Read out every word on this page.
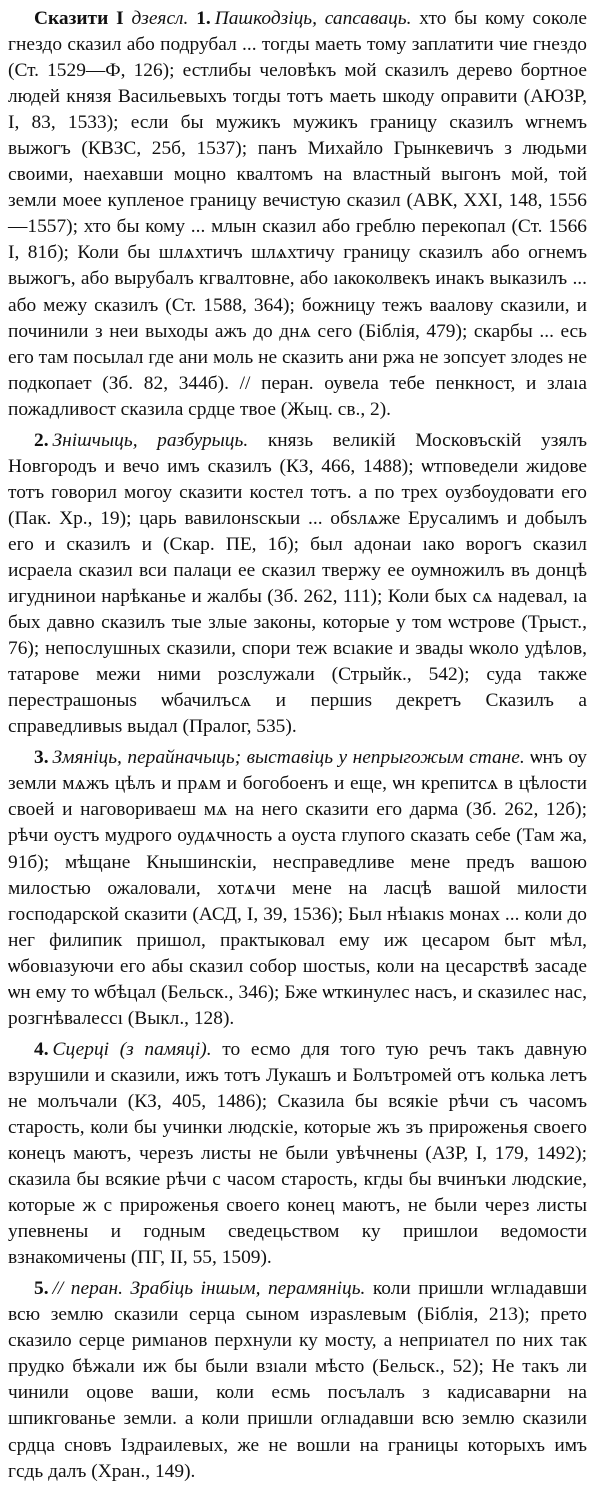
Сказити I дзеясл. 1. Пашкодзіць, сапсаваць. хто бы кому соколе гнездо сказил або подрубал ... тогды маеть тому заплатити чие гнездо (Ст. 1529—Ф, 126); естлибы человѣкъ мой сказилъ дерево бортное людей князя Васильевыхъ тогды тотъ маеть шкоду оправити (АЮЗР, I, 83, 1533); если бы мужикъ мужикъ границу сказилъ ѡгнемъ выжогъ (КВЗС, 25б, 1537); панъ Михайло Грынкевичъ з людьми своими, наехавши моцно квалтомъ на властный выгонъ мой, той земли моее купленое границу вечистую сказил (АВК, XXI, 148, 1556—1557); хто бы кому ... млын сказил або греблю перекопал (Ст. 1566 I, 81б); Коли бы шлѧхтичъ шлѧхтичу границу сказилъ або огнемъ выжогъ, або вырубалъ кгвалтовне, або ıакоколвекъ инакъ выказилъ ... або межу сказилъ (Ст. 1588, 364); божницу тежъ ваалову сказили, и починили з неи выходы ажъ до днѧ сего (Біблія, 479); скарбы ... есь его там посылал где ани моль не сказить ани ржа не зопсует злодеѕ не подкопает (Зб. 82, 344б). // перан. оувела тебе пенкност, и злаıа пожадливост сказила срдце твое (Жыц. св., 2).

2. Знішчыць, разбурыць. князь великій Московъскій узялъ Новгородъ и вечо имъ сказилъ (КЗ, 466, 1488); ѡтповедели жидове тотъ говорил могоу сказити костел тотъ. а по трех оузбоудовати его (Пак. Хр., 19); царь вавилонѕскыи ... обѕлѧже Ерусалимъ и добылъ его и сказилъ и (Скар. ПЕ, 1б); был адонаи ıако ворогъ сказил исраела сказил вси палаци ее сказил твержу ее оумножилъ въ донцѣ игуднинои нарѣканье и жалбы (Зб. 262, 111); Коли бых сѧ надевал, ıа бых давно сказилъ тые злые законы, которые у том ѡстрове (Трыст., 76); непослушных сказили, спори теж всıакие и звады ѡколо удѣлов, татарове межи ними розслужали (Стрыйк., 542); суда также перестрашоныѕ ѡбачилъсѧ и першиѕ декретъ Сказилъ а справедливыѕ выдал (Пралог, 535).

3. Змяніць, перайначыць; выставіць у непрыгожым стане. ѡнъ оу земли мѧжъ цѣлъ и прѧм и богобоенъ и еще, ѡн крепитсѧ в цѣлости своей и наговориваеш мѧ на него сказити его дарма (Зб. 262, 12б); рѣчи оустъ мудрого оудѧчность а оуста глупого сказать себе (Там жа, 91б); мѣщане Кнышинскіи, несправедливе мене предъ вашою милостью ожаловали, хотѧчи мене на ласцѣ вашой милости господарской сказити (АСД, I, 39, 1536); Был нѣıакıѕ монах ... коли до нег филипик пришол, практыковал ему иж цесаром быт мѣл, ѡбовıазуючи его абы сказил собор шостыѕ, коли на цесарствѣ засаде ѡн ему то ѡбѣцал (Бельск., 346); Бже ѡткинулес насъ, и сказилес нас, розгнѣвалессı (Выкл., 128).

4. Сцерці (з памяці). то есмо для того тую речъ такъ давную взрушили и сказили, ижъ тотъ Лукашъ и Болътромей отъ колька летъ не молъчали (КЗ, 405, 1486); Сказила бы всякіе рѣчи съ часомъ старость, коли бы учинки людскіе, которые жъ зъ прироженья своего конецъ маютъ, черезъ листы не были увѣчнены (АЗР, I, 179, 1492); сказила бы всякие рѣчи с часом старость, кгды бы вчинъки людские, которые ж с прироженья своего конец маютъ, не были через листы упевнены и годным сведецьством ку пришлои ведомости взнакомичены (ПГ, II, 55, 1509).

5. // перан. Зрабіць іншым, перамяніць. коли пришли ѡглıадавши всю землю сказили серца сыном израѕлевым (Біблія, 213); прето сказило серце римıанов перхнули ку мосту, а неприıател по них так прудко бѣжали иж бы были взıали мѣсто (Бельск., 52); Не такъ ли чинили оцове ваши, коли есмь посълалъ з кадисаварни на шпикгованье земли. а коли пришли оглıадавши всю землю сказили срдца сновъ Іздраилевых, же не вошли на границы которыхъ имъ гсдь далъ (Хран., 149).
